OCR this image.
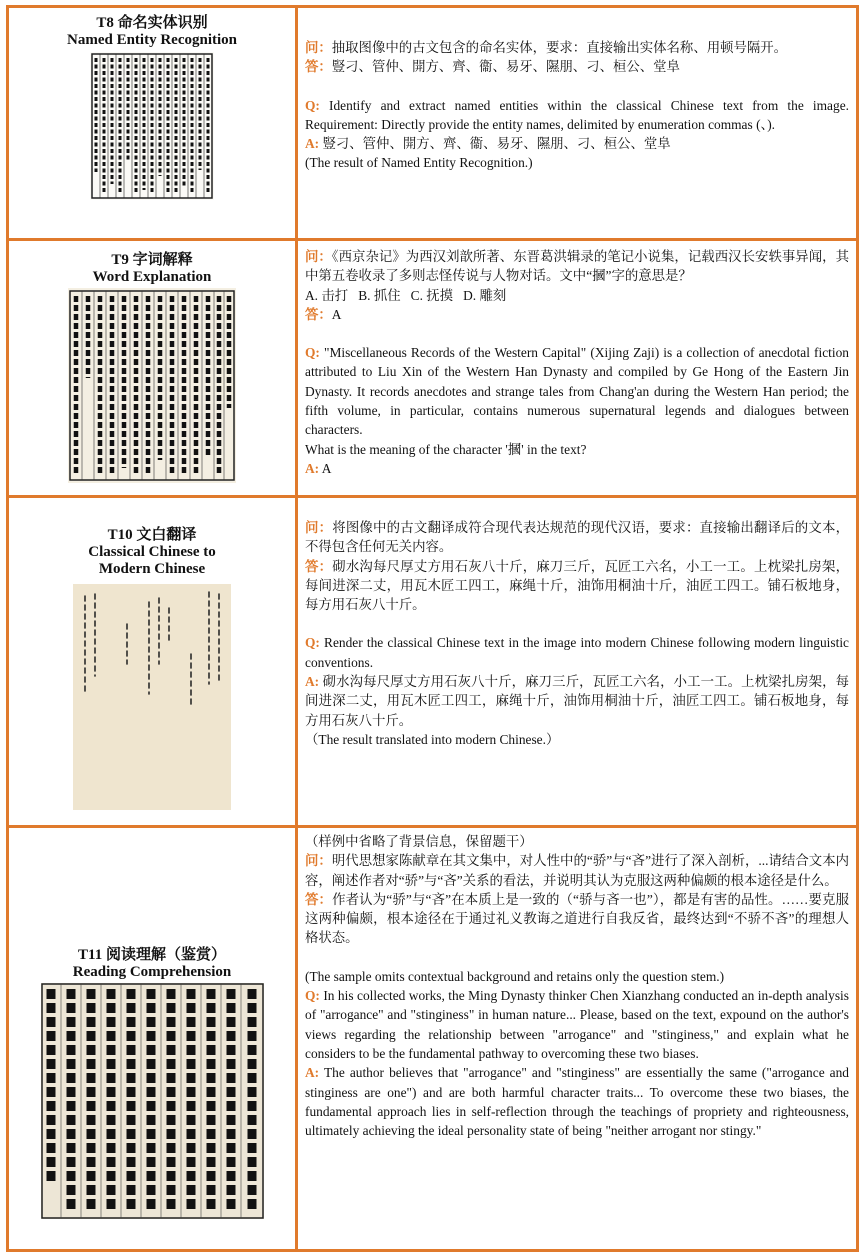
T8 命名实体识别
Named Entity Recognition	问：抽取图像中的古文包含的命名实体，要求：直接输出实体名称、用顿号隔开。

答：豎刁、管仲、開方、齊、衞、易牙、隰朋、刁、桓公、堂阜

Q: Identify and extract named entities within the classical Chinese text from the image. Requirement: Directly provide the entity names, delimited by enumeration commas (、).

A: 豎刁、管仲、開方、齊、衞、易牙、隰朋、刁、桓公、堂阜

(The result of Named Entity Recognition.)

T9 字词解释
Word Explanation

问：《西京杂记》为西汉刘歆所著、东晋葛洪辑录的笔记小说集，记载西汉长安轶事异闻，其中第五卷收录了多则志怪传说与人物对话。文中“摑”字的意思是？

A. 击打   B. 抓住   C. 抚摸   D. 雕刻

答：A

Q: "Miscellaneous Records of the Western Capital" (Xijing Zaji) is a collection of anecdotal fiction attributed to Liu Xin of the Western Han Dynasty and compiled by Ge Hong of the Eastern Jin Dynasty. It records anecdotes and strange tales from Chang'an during the Western Han period; the fifth volume, in particular, contains numerous supernatural legends and dialogues between characters.

What is the meaning of the character '摑' in the text?

A: A

T10 文白翻译
Classical Chinese to
Modern Chinese

问：将图像中的古文翻译成符合现代表达规范的现代汉语，要求：直接输出翻译后的文本，不得包含任何无关内容。

答：砌水沟每尺厚丈方用石灰八十斤，麻刀三斤，瓦匠工六名，小工一工。上枕梁扎房架，每间进深二丈，用瓦木匠工四工，麻绳十斤，油饰用桐油十斤，油匠工四工。铺石板地身，每方用石灰八十斤。

Q: Render the classical Chinese text in the image into modern Chinese following modern linguistic conventions.

A: 砌水沟每尺厚丈方用石灰八十斤，麻刀三斤，瓦匠工六名，小工一工。上枕梁扎房架，每间进深二丈，用瓦木匠工四工，麻绳十斤，油饰用桐油十斤，油匠工四工。铺石板地身，每方用石灰八十斤。

（The result translated into modern Chinese.）

T11 阅读理解（鉴赏）
Reading Comprehension

（样例中省略了背景信息，保留题干）

问：明代思想家陈献章在其文集中，对人性中的“骄”与“吝”进行了深入剖析，...请结合文本内容，阐述作者对“骄”与“吝”关系的看法，并说明其认为克服这两种偏颇的根本途径是什么。

答：作者认为“骄”与“吝”在本质上是一致的（“骄与吝一也”），都是有害的品性。……要克服这两种偏颇，根本途径在于通过礼义教诲之道进行自我反省，最终达到“不骄不吝”的理想人格状态。

(The sample omits contextual background and retains only the question stem.)

Q: In his collected works, the Ming Dynasty thinker Chen Xianzhang conducted an in-depth analysis of "arrogance" and "stinginess" in human nature... Please, based on the text, expound on the author's views regarding the relationship between "arrogance" and "stinginess," and explain what he considers to be the fundamental pathway to overcoming these two biases.

A: The author believes that "arrogance" and "stinginess" are essentially the same ("arrogance and stinginess are one") and are both harmful character traits... To overcome these two biases, the fundamental approach lies in self-reflection through the teachings of propriety and righteousness, ultimately achieving the ideal personality state of being "neither arrogant nor stingy."
